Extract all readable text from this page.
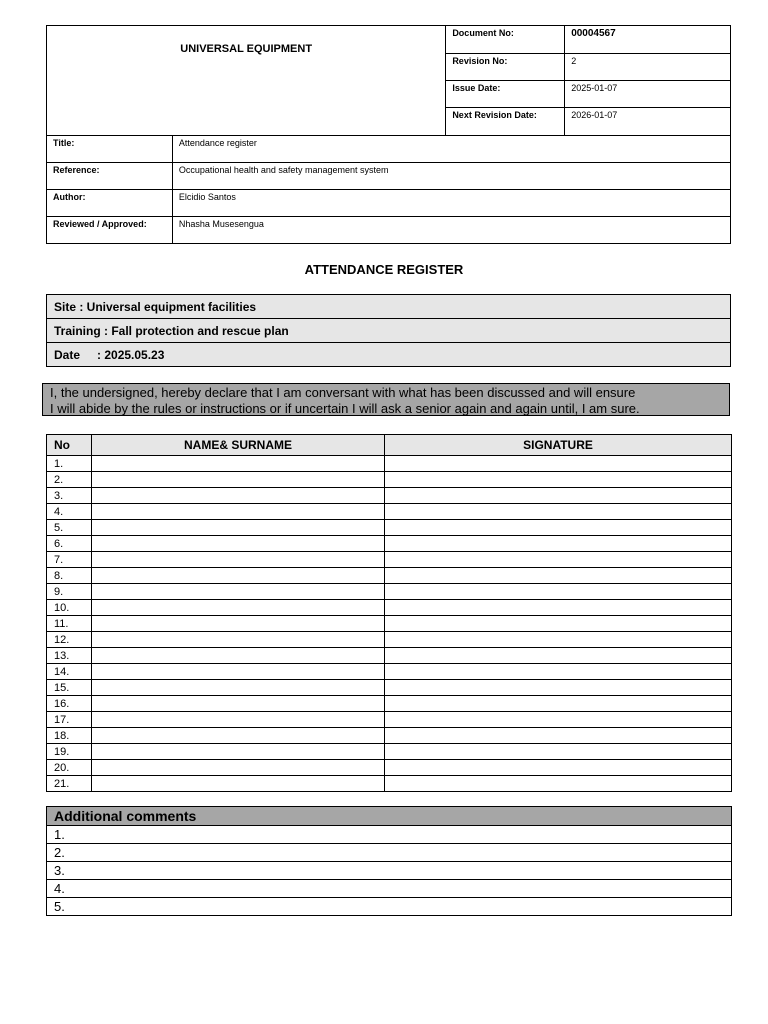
UNIVERSAL EQUIPMENT		Document No:	00004567
		Revision No:	2
		Issue Date:	2025-01-07
		Next Revision Date:	2026-01-07
Title:	Attendance register		
Reference:	Occupational health and safety management system		
Author:	Elcidio Santos		
Reviewed / Approved:	Nhasha Musesengua		
ATTENDANCE REGISTER
Site : Universal equipment facilities
Training : Fall protection and rescue plan
Date : 2025.05.23
I, the undersigned, hereby declare that I am conversant with what has been discussed and will ensure
I will abide by the rules or instructions or if uncertain I will ask a senior again and again until, I am sure.
No	NAME& SURNAME	SIGNATURE
1.		
2.		
3.		
4.		
5.		
6.		
7.		
8.		
9.		
10.		
11.		
12.		
13.		
14.		
15.		
16.		
17.		
18.		
19.		
20.		
21.		
Additional comments
1.
2.
3.
4.
5.
